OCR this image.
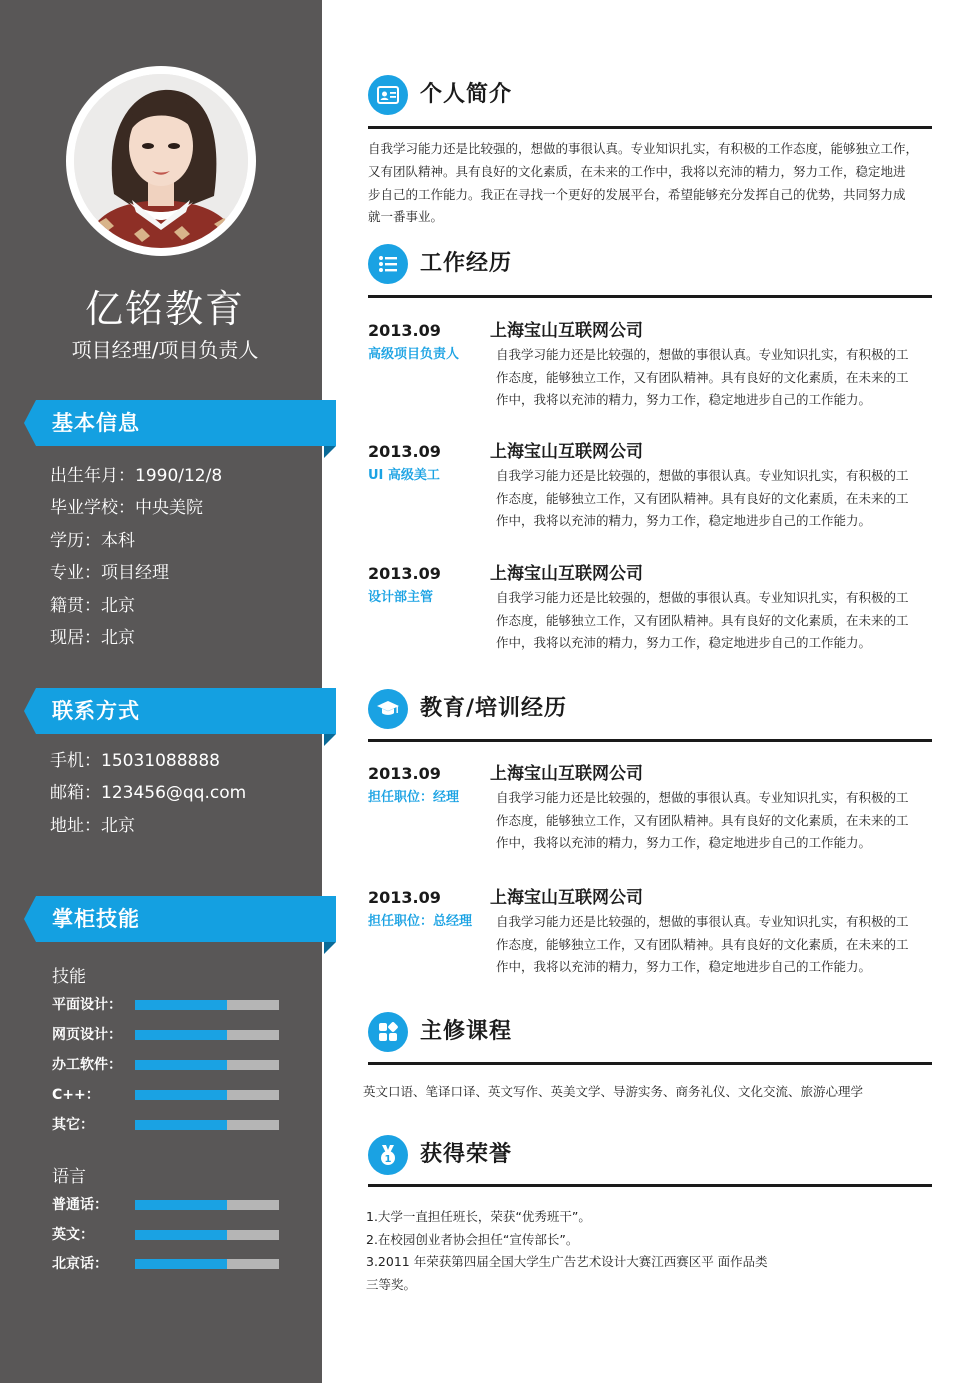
亿铭教育
项目经理/项目负责人
基本信息
出生年月：1990/12/8
毕业学校：中央美院
学历：本科
专业：项目经理
籍贯：北京
现居：北京
联系方式
手机：15031088888
邮箱：123456@qq.com
地址：北京
掌柜技能
技能
平面设计：
网页设计：
办工软件：
C++：
其它：
语言
普通话：
英文：
北京话：
个人简介
自我学习能力还是比较强的，想做的事很认真。专业知识扎实，有积极的工作态度，能够独立工作，
又有团队精神。具有良好的文化素质，在未来的工作中，我将以充沛的精力，努力工作，稳定地进
步自己的工作能力。我正在寻找一个更好的发展平台，希望能够充分发挥自己的优势，共同努力成
就一番事业。
工作经历
2013.09
高级项目负责人
上海宝山互联网公司
自我学习能力还是比较强的，想做的事很认真。专业知识扎实，有积极的工
作态度，能够独立工作，又有团队精神。具有良好的文化素质，在未来的工
作中，我将以充沛的精力，努力工作，稳定地进步自己的工作能力。
2013.09
UI 高级美工
上海宝山互联网公司
自我学习能力还是比较强的，想做的事很认真。专业知识扎实，有积极的工
作态度，能够独立工作，又有团队精神。具有良好的文化素质，在未来的工
作中，我将以充沛的精力，努力工作，稳定地进步自己的工作能力。
2013.09
设计部主管
上海宝山互联网公司
自我学习能力还是比较强的，想做的事很认真。专业知识扎实，有积极的工
作态度，能够独立工作，又有团队精神。具有良好的文化素质，在未来的工
作中，我将以充沛的精力，努力工作，稳定地进步自己的工作能力。
教育/培训经历
2013.09
担任职位：经理
上海宝山互联网公司
自我学习能力还是比较强的，想做的事很认真。专业知识扎实，有积极的工
作态度，能够独立工作，又有团队精神。具有良好的文化素质，在未来的工
作中，我将以充沛的精力，努力工作，稳定地进步自己的工作能力。
2013.09
担任职位：总经理
上海宝山互联网公司
自我学习能力还是比较强的，想做的事很认真。专业知识扎实，有积极的工
作态度，能够独立工作，又有团队精神。具有良好的文化素质，在未来的工
作中，我将以充沛的精力，努力工作，稳定地进步自己的工作能力。
主修课程
英文口语、笔译口译、英文写作、英美文学、导游实务、商务礼仪、文化交流、旅游心理学
1 获得荣誉
1.大学一直担任班长，荣获“优秀班干”。
2.在校园创业者协会担任“宣传部长”。
3.2011 年荣获第四届全国大学生广告艺术设计大赛江西赛区平 面作品类
三等奖。
